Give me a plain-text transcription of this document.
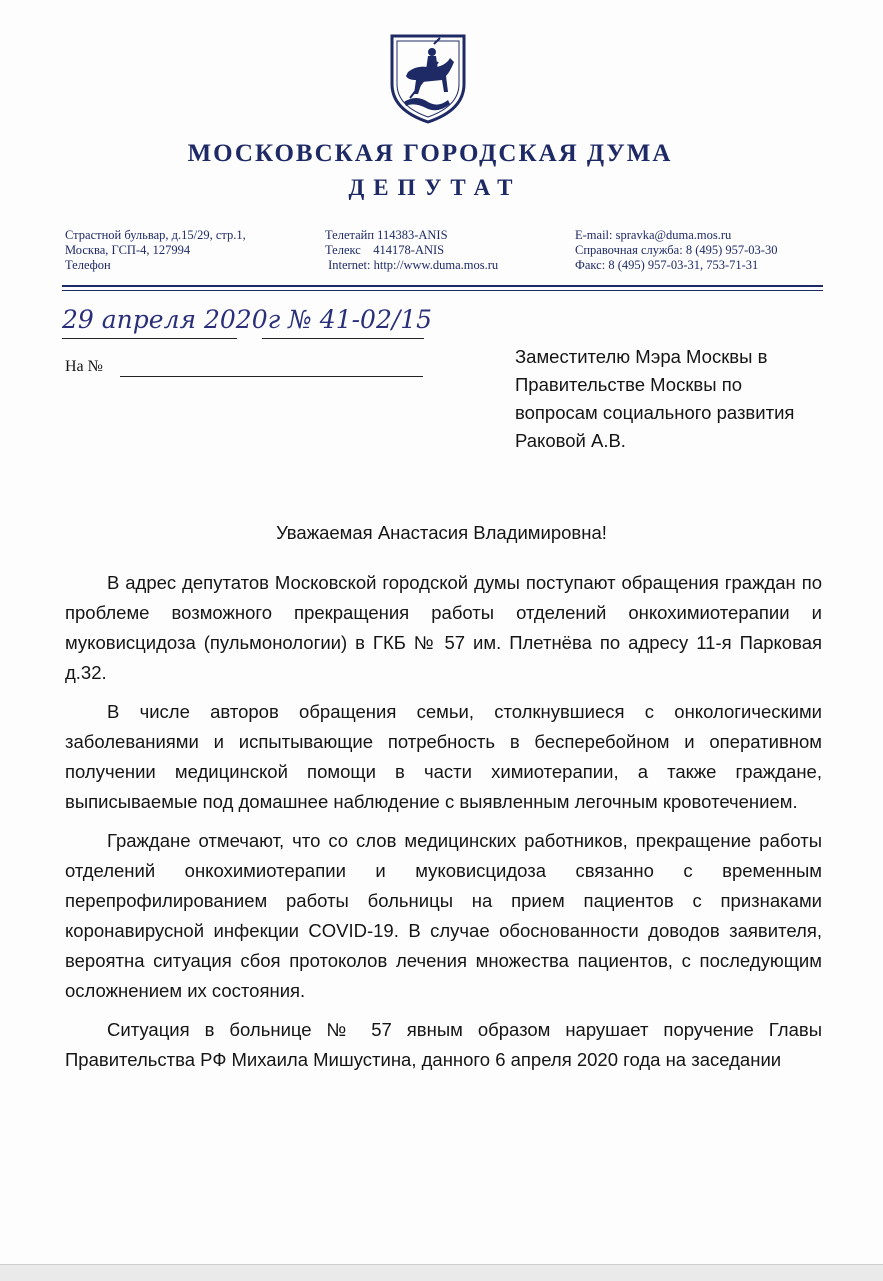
МОСКОВСКАЯ ГОРОДСКАЯ ДУМА
ДЕПУТАТ
Страстной бульвар, д.15/29, стр.1,
Москва, ГСП-4, 127994
Телефон
Телетайп 114383-ANIS
Телекс    414178-ANIS
Internet: http://www.duma.mos.ru
E-mail: spravka@duma.mos.ru
Справочная служба: 8 (495) 957-03-30
Факс: 8 (495) 957-03-31, 753-71-31
29 апреля 2020г № 41-02/15
На №	Заместителю Мэра Москвы в
Правительстве Москвы по
вопросам социального развития
Раковой А.В.
Уважаемая Анастасия Владимировна!

В адрес депутатов Московской городской думы поступают обращения граждан по проблеме возможного прекращения работы отделений онкохимиотерапии и муковисцидоза (пульмонологии) в ГКБ № 57 им. Плетнёва по адресу 11-я Парковая д.32.

В числе авторов обращения семьи, столкнувшиеся с онкологическими заболеваниями и испытывающие потребность в бесперебойном и оперативном получении медицинской помощи в части химиотерапии, а также граждане, выписываемые под домашнее наблюдение с выявленным легочным кровотечением.

Граждане отмечают, что со слов медицинских работников, прекращение работы отделений онкохимиотерапии и муковисцидоза связанно с временным перепрофилированием работы больницы на прием пациентов с признаками коронавирусной инфекции COVID-19. В случае обоснованности доводов заявителя, вероятна ситуация сбоя протоколов лечения множества пациентов, с последующим осложнением их состояния.

Ситуация в больнице № 57 явным образом нарушает поручение Главы Правительства РФ Михаила Мишустина, данного 6 апреля 2020 года на заседании
